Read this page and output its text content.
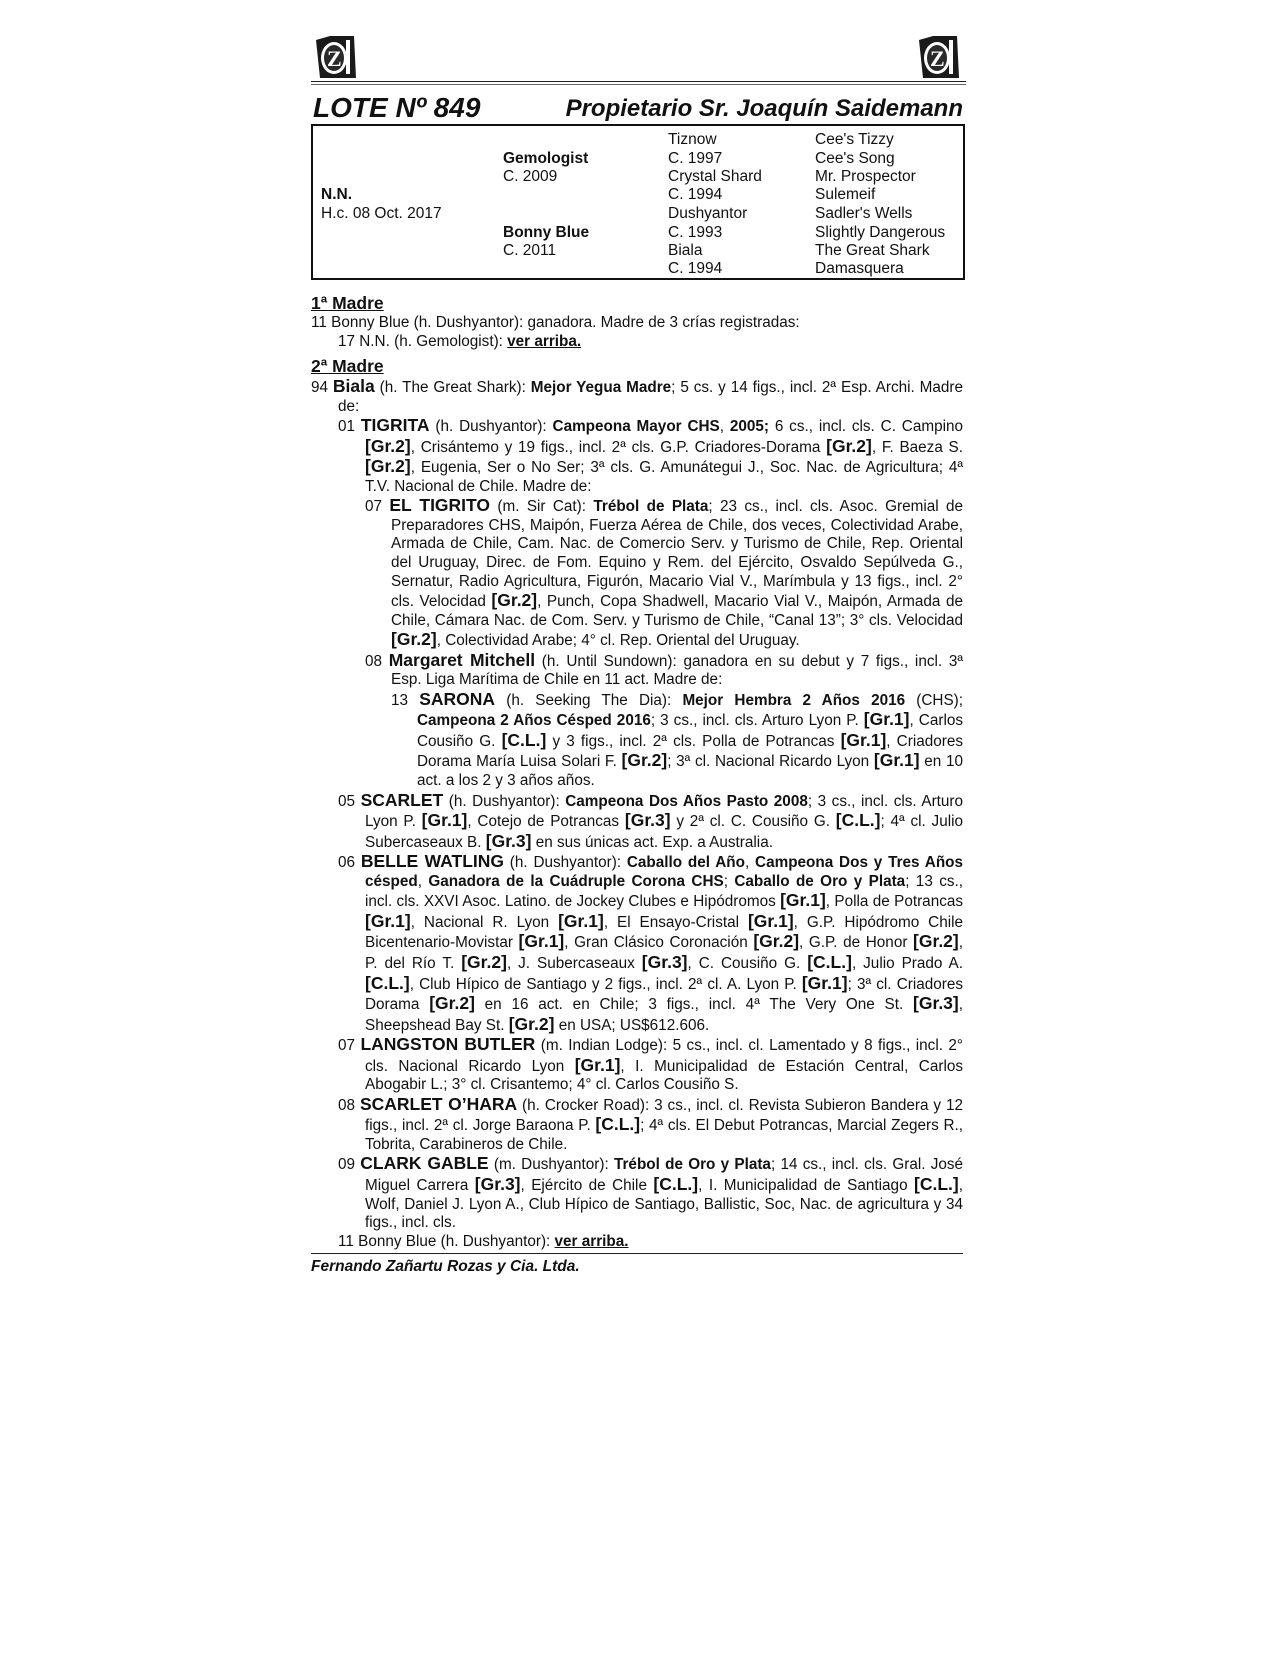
Z	Z
LOTE Nº 849	Propietario Sr. Joaquín Saidemann
N.N.
H.c. 08 Oct. 2017
Gemologist
C. 2009
Bonny Blue
C. 2011
Tiznow
C. 1997
Crystal Shard
C. 1994
Dushyantor
C. 1993
Biala
C. 1994
Cee's Tizzy
Cee's Song
Mr. Prospector
Sulemeif
Sadler's Wells
Slightly Dangerous
The Great Shark
Damasquera
1ª Madre
11 Bonny Blue (h. Dushyantor): ganadora. Madre de 3 crías registradas:
17 N.N. (h. Gemologist): ver arriba.
2ª Madre
94 Biala (h. The Great Shark): Mejor Yegua Madre; 5 cs. y 14 figs., incl. 2ª Esp. Archi. Madre de:
01 TIGRITA (h. Dushyantor): Campeona Mayor CHS, 2005; 6 cs., incl. cls. C. Campino [Gr.2], Crisántemo y 19 figs., incl. 2ª cls. G.P. Criadores-Dorama [Gr.2], F. Baeza S. [Gr.2], Eugenia, Ser o No Ser; 3ª cls. G. Amunátegui J., Soc. Nac. de Agricultura; 4ª T.V. Nacional de Chile. Madre de:
07 EL TIGRITO (m. Sir Cat): Trébol de Plata; 23 cs., incl. cls. Asoc. Gremial de Preparadores CHS, Maipón, Fuerza Aérea de Chile, dos veces, Colectividad Arabe, Armada de Chile, Cam. Nac. de Comercio Serv. y Turismo de Chile, Rep. Oriental del Uruguay, Direc. de Fom. Equino y Rem. del Ejército, Osvaldo Sepúlveda G., Sernatur, Radio Agricultura, Figurón, Macario Vial V., Marímbula y 13 figs., incl. 2° cls. Velocidad [Gr.2], Punch, Copa Shadwell, Macario Vial V., Maipón, Armada de Chile, Cámara Nac. de Com. Serv. y Turismo de Chile, “Canal 13”; 3° cls. Velocidad [Gr.2], Colectividad Arabe; 4° cl. Rep. Oriental del Uruguay.
08 Margaret Mitchell (h. Until Sundown): ganadora en su debut y 7 figs., incl. 3ª Esp. Liga Marítima de Chile en 11 act. Madre de:
13 SARONA (h. Seeking The Dia): Mejor Hembra 2 Años 2016 (CHS); Campeona 2 Años Césped 2016; 3 cs., incl. cls. Arturo Lyon P. [Gr.1], Carlos Cousiño G. [C.L.] y 3 figs., incl. 2ª cls. Polla de Potrancas [Gr.1], Criadores Dorama María Luisa Solari F. [Gr.2]; 3ª cl. Nacional Ricardo Lyon [Gr.1] en 10 act. a los 2 y 3 años años.
05 SCARLET (h. Dushyantor): Campeona Dos Años Pasto 2008; 3 cs., incl. cls. Arturo Lyon P. [Gr.1], Cotejo de Potrancas [Gr.3] y 2ª cl. C. Cousiño G. [C.L.]; 4ª cl. Julio Subercaseaux B. [Gr.3] en sus únicas act. Exp. a Australia.
06 BELLE WATLING (h. Dushyantor): Caballo del Año, Campeona Dos y Tres Años césped, Ganadora de la Cuádruple Corona CHS; Caballo de Oro y Plata; 13 cs., incl. cls. XXVI Asoc. Latino. de Jockey Clubes e Hipódromos [Gr.1], Polla de Potrancas [Gr.1], Nacional R. Lyon [Gr.1], El Ensayo-Cristal [Gr.1], G.P. Hipódromo Chile Bicentenario-Movistar [Gr.1], Gran Clásico Coronación [Gr.2], G.P. de Honor [Gr.2], P. del Río T. [Gr.2], J. Subercaseaux [Gr.3], C. Cousiño G. [C.L.], Julio Prado A.[C.L.], Club Hípico de Santiago y 2 figs., incl. 2ª cl. A. Lyon P. [Gr.1]; 3ª cl. Criadores Dorama [Gr.2] en 16 act. en Chile; 3 figs., incl. 4ª The Very One St. [Gr.3], Sheepshead Bay St. [Gr.2] en USA; US$612.606.
07 LANGSTON BUTLER (m. Indian Lodge): 5 cs., incl. cl. Lamentado y 8 figs., incl. 2° cls. Nacional Ricardo Lyon [Gr.1], I. Municipalidad de Estación Central, Carlos Abogabir L.; 3° cl. Crisantemo; 4° cl. Carlos Cousiño S.
08 SCARLET O’HARA (h. Crocker Road): 3 cs., incl. cl. Revista Subieron Bandera y 12 figs., incl. 2ª cl. Jorge Baraona P. [C.L.]; 4ª cls. El Debut Potrancas, Marcial Zegers R., Tobrita, Carabineros de Chile.
09 CLARK GABLE (m. Dushyantor): Trébol de Oro y Plata; 14 cs., incl. cls. Gral. José Miguel Carrera [Gr.3], Ejército de Chile [C.L.], I. Municipalidad de Santiago [C.L.], Wolf, Daniel J. Lyon A., Club Hípico de Santiago, Ballistic, Soc, Nac. de agricultura y 34 figs., incl. cls.
11 Bonny Blue (h. Dushyantor): ver arriba.
Fernando Zañartu Rozas y Cia. Ltda.
